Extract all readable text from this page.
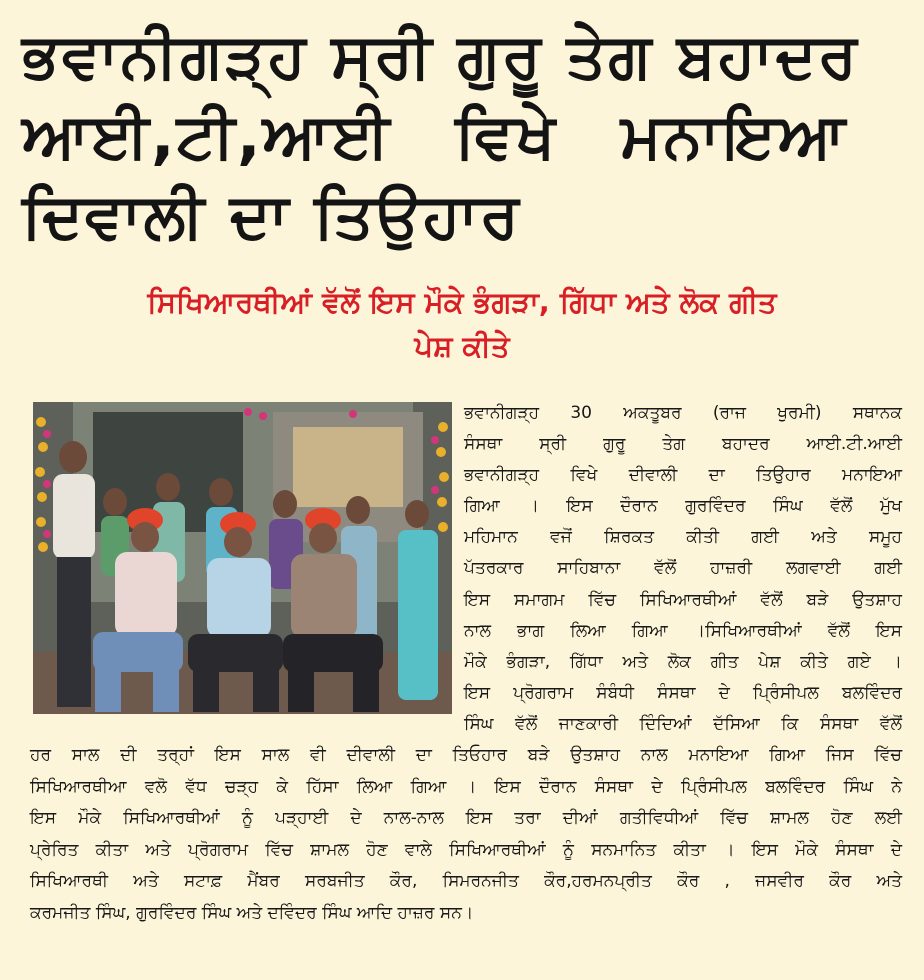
ਭਵਾਨੀਗੜ੍ਹ ਸ੍ਰੀ ਗੁਰੂ ਤੇਗ ਬਹਾਦਰ
ਆਈ,ਟੀ,ਆਈ ਵਿਖੇ ਮਨਾਇਆ
ਦਿਵਾਲੀ ਦਾ ਤਿਉਹਾਰ
ਸਿਖਿਆਰਥੀਆਂ ਵੱਲੋਂ ਇਸ ਮੌਕੇ ਭੰਗੜਾ, ਗਿੱਧਾ ਅਤੇ ਲੋਕ ਗੀਤ
ਪੇਸ਼ ਕੀਤੇ

ਭਵਾਨੀਗੜ੍ਹ 30 ਅਕਤੂਬਰ (ਰਾਜ ਖੁਰਮੀ) ਸਥਾਨਕ
ਸੰਸਥਾ ਸ੍ਰੀ ਗੁਰੂ ਤੇਗ ਬਹਾਦਰ ਆਈ.ਟੀ.ਆਈ
ਭਵਾਨੀਗੜ੍ਹ ਵਿਖੇ ਦੀਵਾਲੀ ਦਾ ਤਿਉਹਾਰ ਮਨਾਇਆ
ਗਿਆ । ਇਸ ਦੌਰਾਨ ਗੁਰਵਿੰਦਰ ਸਿੰਘ ਵੱਲੋਂ ਮੁੱਖ
ਮਹਿਮਾਨ ਵਜੋਂ ਸ਼ਿਰਕਤ ਕੀਤੀ ਗਈ ਅਤੇ ਸਮੂਹ
ਪੱਤਰਕਾਰ ਸਾਹਿਬਾਨਾ ਵੱਲੋਂ ਹਾਜ਼ਰੀ ਲਗਵਾਈ ਗਈ
ਇਸ ਸਮਾਗਮ ਵਿੱਚ ਸਿਖਿਆਰਥੀਆਂ ਵੱਲੋਂ ਬੜੇ ਉਤਸ਼ਾਹ
ਨਾਲ ਭਾਗ ਲਿਆ ਗਿਆ ।ਸਿਖਿਆਰਥੀਆਂ ਵੱਲੋਂ ਇਸ
ਮੌਕੇ ਭੰਗੜਾ, ਗਿੱਧਾ ਅਤੇ ਲੋਕ ਗੀਤ ਪੇਸ਼ ਕੀਤੇ ਗਏ ।
ਇਸ ਪ੍ਰੋਗਰਾਮ ਸੰਬੰਧੀ ਸੰਸਥਾ ਦੇ ਪ੍ਰਿੰਸੀਪਲ ਬਲਵਿੰਦਰ
ਸਿੰਘ ਵੱਲੋਂ ਜਾਣਕਾਰੀ ਦਿੰਦਿਆਂ ਦੱਸਿਆ ਕਿ ਸੰਸਥਾ ਵੱਲੋਂ

ਹਰ ਸਾਲ ਦੀ ਤਰ੍ਹਾਂ ਇਸ ਸਾਲ ਵੀ ਦੀਵਾਲੀ ਦਾ ਤਿਓਹਾਰ ਬੜੇ ਉਤਸ਼ਾਹ ਨਾਲ ਮਨਾਇਆ ਗਿਆ ਜਿਸ ਵਿੱਚ
ਸਿਖਿਆਰਥੀਆ ਵਲੋ ਵੱਧ ਚੜ੍ਹ ਕੇ ਹਿੱਸਾ ਲਿਆ ਗਿਆ । ਇਸ ਦੌਰਾਨ ਸੰਸਥਾ ਦੇ ਪ੍ਰਿੰਸੀਪਲ ਬਲਵਿੰਦਰ ਸਿੰਘ ਨੇ
ਇਸ ਮੌਕੇ ਸਿਖਿਆਰਥੀਆਂ ਨੂੰ ਪੜ੍ਹਾਈ ਦੇ ਨਾਲ-ਨਾਲ ਇਸ ਤਰਾ ਦੀਆਂ ਗਤੀਵਿਧੀਆਂ ਵਿੱਚ ਸ਼ਾਮਲ ਹੋਣ ਲਈ
ਪ੍ਰੇਰਿਤ ਕੀਤਾ ਅਤੇ ਪ੍ਰੋਗਰਾਮ ਵਿੱਚ ਸ਼ਾਮਲ ਹੋਣ ਵਾਲੇ ਸਿਖਿਆਰਥੀਆਂ ਨੂੰ ਸਨਮਾਨਿਤ ਕੀਤਾ । ਇਸ ਮੌਕੇ ਸੰਸਥਾ ਦੇ
ਸਿਖਿਆਰਥੀ ਅਤੇ ਸਟਾਫ਼ ਮੈਂਬਰ ਸਰਬਜੀਤ ਕੌਰ, ਸਿਮਰਨਜੀਤ ਕੌਰ,ਹਰਮਨਪ੍ਰੀਤ ਕੌਰ , ਜਸਵੀਰ ਕੌਰ ਅਤੇ
ਕਰਮਜੀਤ ਸਿੰਘ, ਗੁਰਵਿੰਦਰ ਸਿੰਘ ਅਤੇ ਦਵਿੰਦਰ ਸਿੰਘ ਆਦਿ ਹਾਜ਼ਰ ਸਨ।
